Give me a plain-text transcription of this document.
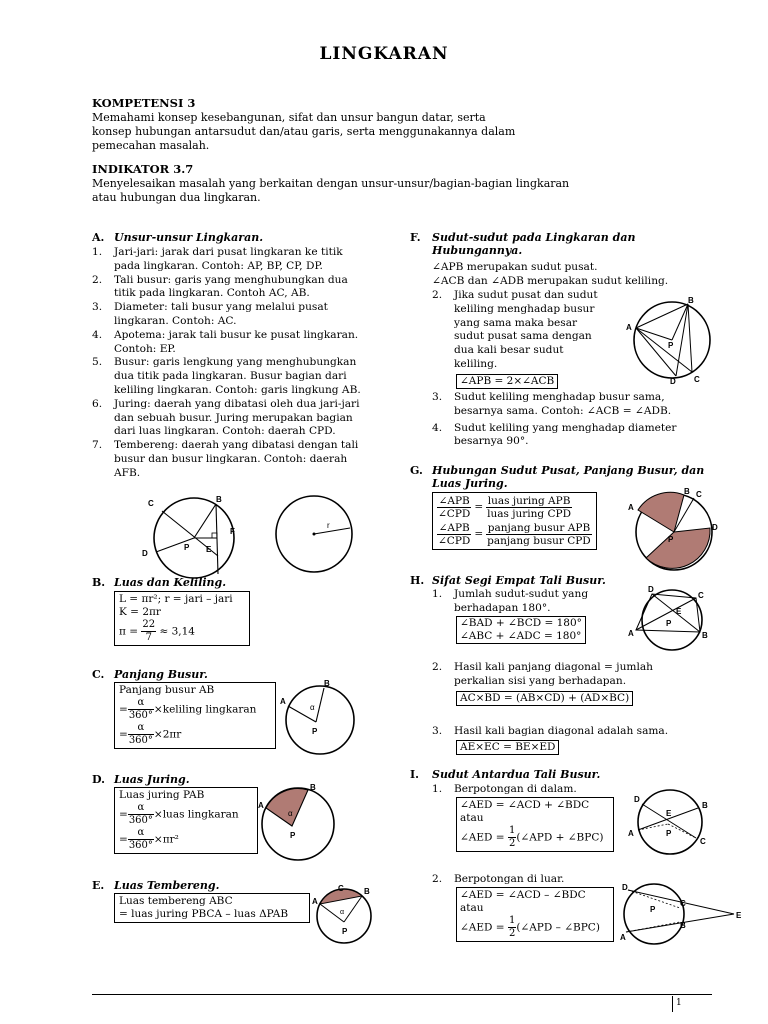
LINGKARAN
KOMPETENSI 3
Memahami konsep kesebangunan, sifat dan unsur bangun datar, serta
konsep hubungan antarsudut dan/atau garis, serta menggunakannya dalam
pemecahan masalah.
INDIKATOR 3.7
Menyelesaikan masalah yang berkaitan dengan unsur-unsur/bagian-bagian lingkaran
atau hubungan dua lingkaran.
A. Unsur-unsur Lingkaran.
1. Jari-jari: jarak dari pusat lingkaran ke titik
pada lingkaran. Contoh: AP, BP, CP, DP.
2. Tali busur: garis yang menghubungkan dua
titik pada lingkaran. Contoh AC, AB.
3. Diameter: tali busur yang melalui pusat
lingkaran. Contoh: AC.
4. Apotema: jarak tali busur ke pusat lingkaran.
Contoh: EP.
5. Busur: garis lengkung yang menghubungkan
dua titik pada lingkaran. Busur bagian dari
keliling lingkaran. Contoh: garis lingkung AB.
6. Juring: daerah yang dibatasi oleh dua jari-jari
dan sebuah busur. Juring merupakan bagian
dari luas lingkaran. Contoh: daerah CPD.
7. Tembereng: daerah yang dibatasi dengan tali
busur dan busur lingkaran. Contoh: daerah
AFB.
C	B
P E
F
D
r
B. Luas dan Keliling.
L = πr²; r = jari – jari
K = 2πr
$\pi = \frac{22}{7} \approx 3,14$
C. Panjang Busur.
Panjang busur AB
= $\frac{\alpha}{360^\circ}$ ×keliling lingkaran
= $\frac{\alpha}{360^\circ} \times 2\pi r$
A
B
P
α
D. Luas Juring.
Luas juring PAB
= $\frac{\alpha}{360^\circ}$ ×luas lingkaran
= $\frac{\alpha}{360^\circ} \times\pi r^2$
A
B
P
α
E. Luas Tembereng.
Luas tembereng ABC
= luas juring PBCA – luas ΔPAB
A
B
C
P
α
F. Sudut-sudut pada Lingkaran dan
Hubungannya.
∠APB merupakan sudut pusat.
∠ACB dan ∠ADB merupakan sudut keliling.
2. Jika sudut pusat dan sudut
keliling menghadap busur
yang sama maka besar
sudut pusat sama dengan
dua kali besar sudut
keliling.
∠APB = 2×∠ACB
A
B
C
D
P
3. Sudut keliling menghadap busur sama,
besarnya sama. Contoh: ∠ACB = ∠ADB.
4. Sudut keliling yang menghadap diameter
besarnya 90°.
G. Hubungan Sudut Pusat, Panjang Busur, dan
Luas Juring.
$\frac{\text{∠APB}}{\text{∠CPD}} = \frac{\text{luas juring APB}}{\text{luas juring CPD}}$
$\frac{\text{∠APB}}{\text{∠CPD}} = \frac{\text{panjang busur APB}}{\text{panjang busur CPD}}$
A
B C
D
P
H. Sifat Segi Empat Tali Busur.
1. Jumlah sudut-sudut yang
berhadapan 180°.
∠BAD + ∠BCD = 180°
∠ABC + ∠ADC = 180°	A	B
C
D
E
P
2. Hasil kali panjang diagonal = jumlah
perkalian sisi yang berhadapan.
AC×BD = (AB×CD) + (AD×BC)
3. Hasil kali bagian diagonal adalah sama.
AE×EC = BE×ED
I. Sudut Antardua Tali Busur.
1. Berpotongan di dalam.
∠AED = ∠ACD + ∠BDC
atau
∠AED = $\frac{1}{2}$ (∠APD + ∠BPC)	A
B
C
D
E
P
2. Berpotongan di luar.
∠AED = ∠ACD – ∠BDC
atau
∠AED = $\frac{1}{2}$ (∠APD – ∠BPC)
A
B
C
D
E
P
1
